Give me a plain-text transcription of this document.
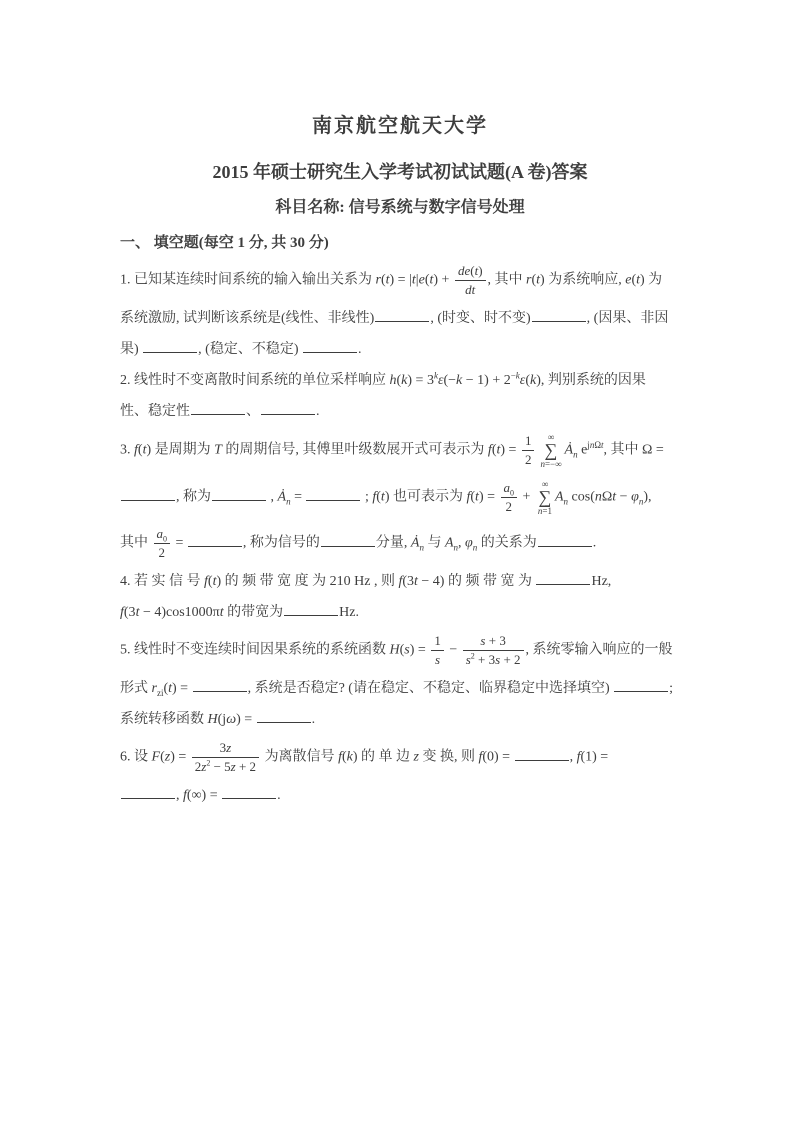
南京航空航天大学
2015 年硕士研究生入学考试初试试题(A 卷)答案
科目名称: 信号系统与数字信号处理
一、 填空题(每空 1 分, 共 30 分)
1. 已知某连续时间系统的输入输出关系为 $r(t) = |t|e(t) + \frac{de(t)}{dt}$ , 其中 r(t) 为系统响应, e(t) 为
系统激励, 试判断该系统是(线性、非线性)	, (时变、时不变)	, (因果、非因
果)	, (稳定、不稳定)	.
2. 线性时不变离散时间系统的单位采样响应 $h(k) = 3^k\varepsilon(-k - 1) + 2^{-k}\varepsilon(k)$, 判别系统的因果
性、稳定性	、	.
3. f(t) 是周期为 T 的周期信号, 其傅里叶级数展开式可表示为 $f(t) = \frac{1}{2}$ ∞
∑
n=−∞
$Ȧ_n$ $e^{jn\Omega t}$, 其中 Ω =
, 称为	, $Ȧ_n$ =	; f(t) 也可表示为 $f(t) = \frac{a_0}{2}$ +
∞
∑
n=1
$A_n$ $\cos(n\Omega t - \varphi_n)$,
其中 $\frac{a_0}{2}$ =	, 称为信号的	分量, $Ȧ_n$ 与 $A_n$, $\varphi_n$ 的关系为	.
4. 若 实 信 号 f(t) 的 频 带 宽 度 为 210 Hz , 则 f(3t − 4) 的 频 带 宽 为	Hz,
f(3t − 4)cos1000πt 的带宽为	Hz.
5. 线性时不变连续时间因果系统的系统函数 $H(s) = \frac{1}{s} - \frac{s + 3}{s^2 + 3s + 2}$ , 系统零输入响应的一般
形式 $r_{zi}(t)$ =	, 系统是否稳定? (请在稳定、不稳定、临界稳定中选择填空)	;
系统转移函数 H(jω) =	.
6. 设 $F(z) = \frac{3z}{2z^2 - 5z + 2}$ 为离散信号 f(k) 的 单 边 z 变 换, 则 f(0) =	, f(1) =
, f(∞) =	.
